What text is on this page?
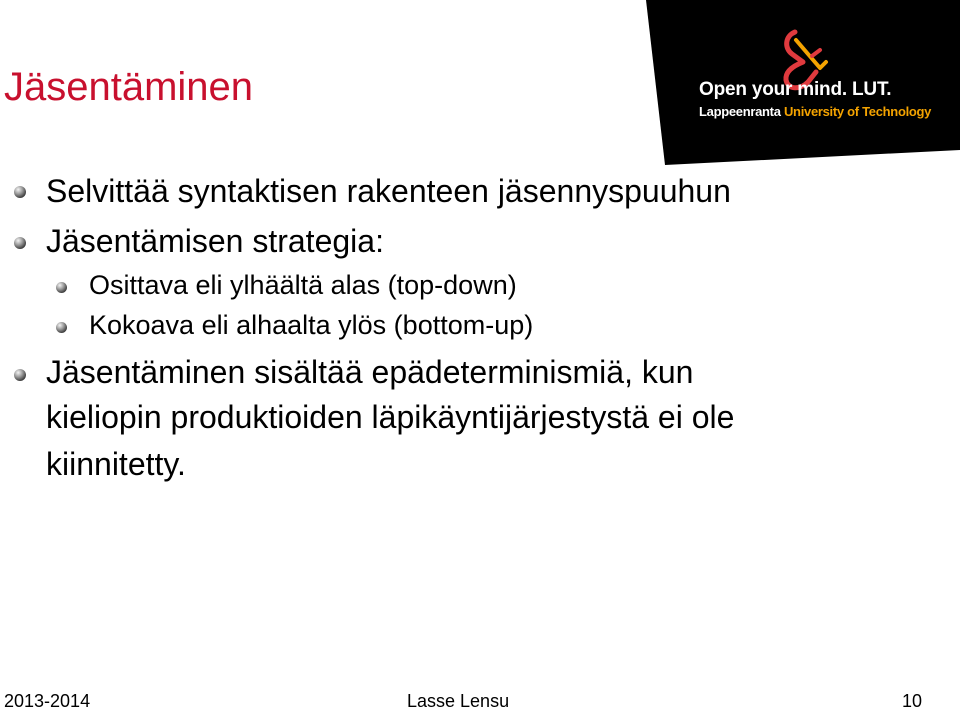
Open your mind. LUT.
Lappeenranta University of Technology
Jäsentäminen
Selvittää syntaktisen rakenteen jäsennyspuuhun
Jäsentämisen strategia:
Osittava eli ylhäältä alas (top-down)
Kokoava eli alhaalta ylös (bottom-up)
Jäsentäminen sisältää epädeterminismiä, kun
kieliopin produktioiden läpikäyntijärjestystä ei ole
kiinnitetty.
2013-2014	Lasse Lensu	10
